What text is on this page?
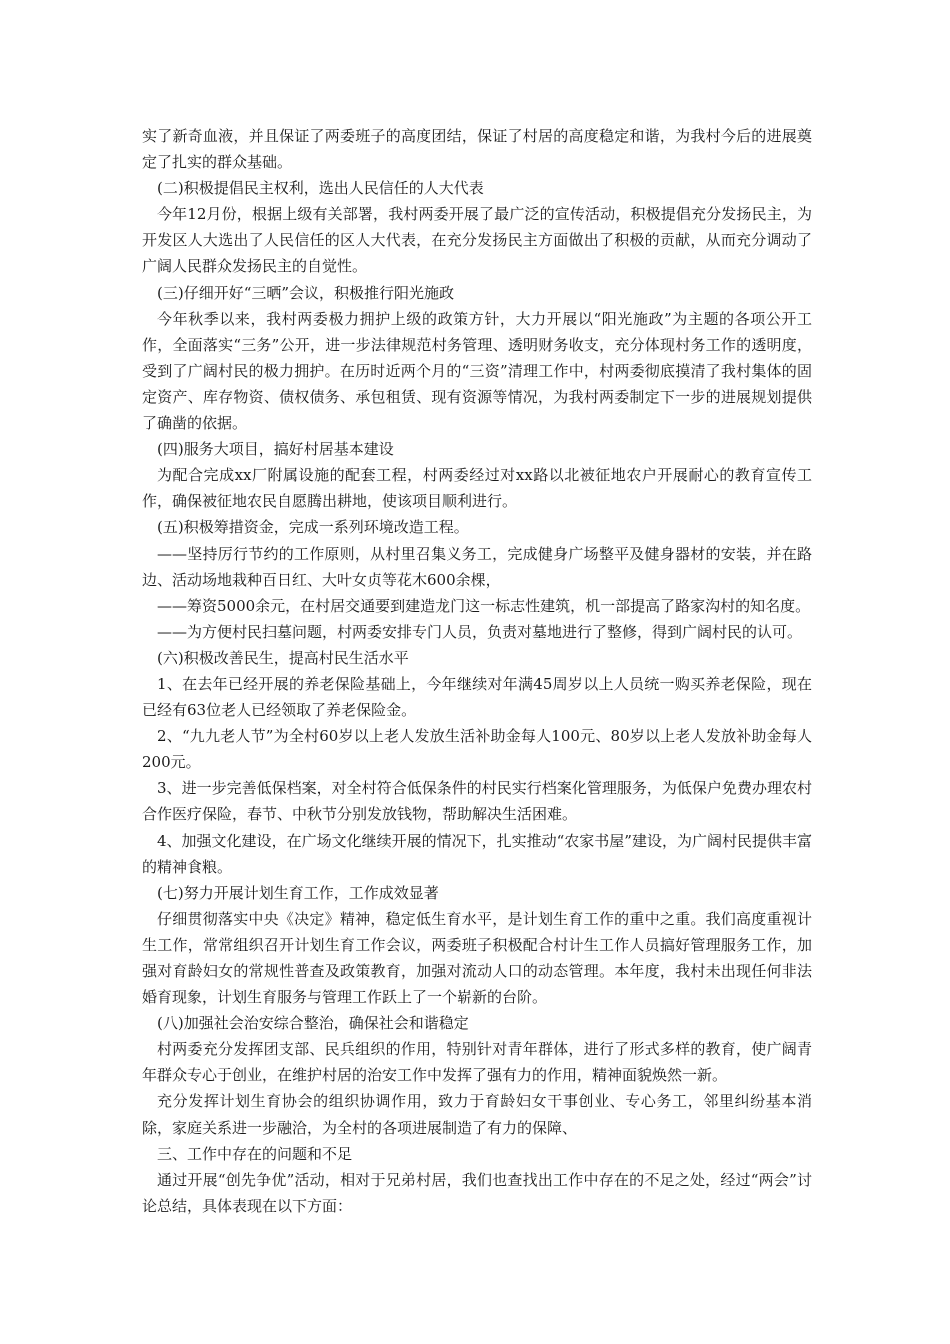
实了新奇血液，并且保证了两委班子的高度团结，保证了村居的高度稳定和谐，为我村今后的进展奠定了扎实的群众基础。

(二)积极提倡民主权利，选出人民信任的人大代表

今年12月份，根据上级有关部署，我村两委开展了最广泛的宣传活动，积极提倡充分发扬民主，为开发区人大选出了人民信任的区人大代表，在充分发扬民主方面做出了积极的贡献，从而充分调动了广阔人民群众发扬民主的自觉性。

(三)仔细开好“三晒”会议，积极推行阳光施政

今年秋季以来，我村两委极力拥护上级的政策方针，大力开展以“阳光施政”为主题的各项公开工作，全面落实“三务”公开，进一步法律规范村务管理、透明财务收支，充分体现村务工作的透明度，受到了广阔村民的极力拥护。在历时近两个月的“三资”清理工作中，村两委彻底摸清了我村集体的固定资产、库存物资、债权债务、承包租赁、现有资源等情况，为我村两委制定下一步的进展规划提供了确凿的依据。

(四)服务大项目，搞好村居基本建设

为配合完成xx厂附属设施的配套工程，村两委经过对xx路以北被征地农户开展耐心的教育宣传工作，确保被征地农民自愿腾出耕地，使该项目顺利进行。

(五)积极筹措资金，完成一系列环境改造工程。

——坚持厉行节约的工作原则，从村里召集义务工，完成健身广场整平及健身器材的安装，并在路边、活动场地栽种百日红、大叶女贞等花木600余棵，

——筹资5000余元，在村居交通要到建造龙门这一标志性建筑，机一部提高了路家沟村的知名度。

——为方便村民扫墓问题，村两委安排专门人员，负责对墓地进行了整修，得到广阔村民的认可。

(六)积极改善民生，提高村民生活水平

1、在去年已经开展的养老保险基础上，今年继续对年满45周岁以上人员统一购买养老保险，现在已经有63位老人已经领取了养老保险金。

2、“九九老人节”为全村60岁以上老人发放生活补助金每人100元、80岁以上老人发放补助金每人200元。

3、进一步完善低保档案，对全村符合低保条件的村民实行档案化管理服务，为低保户免费办理农村合作医疗保险，春节、中秋节分别发放钱物，帮助解决生活困难。

4、加强文化建设，在广场文化继续开展的情况下，扎实推动“农家书屋”建设，为广阔村民提供丰富的精神食粮。

(七)努力开展计划生育工作，工作成效显著

仔细贯彻落实中央《决定》精神，稳定低生育水平，是计划生育工作的重中之重。我们高度重视计生工作，常常组织召开计划生育工作会议，两委班子积极配合村计生工作人员搞好管理服务工作，加强对育龄妇女的常规性普查及政策教育，加强对流动人口的动态管理。本年度，我村未出现任何非法婚育现象，计划生育服务与管理工作跃上了一个崭新的台阶。

(八)加强社会治安综合整治，确保社会和谐稳定

村两委充分发挥团支部、民兵组织的作用，特别针对青年群体，进行了形式多样的教育，使广阔青年群众专心于创业，在维护村居的治安工作中发挥了强有力的作用，精神面貌焕然一新。

充分发挥计划生育协会的组织协调作用，致力于育龄妇女干事创业、专心务工，邻里纠纷基本消除，家庭关系进一步融洽，为全村的各项进展制造了有力的保障、

三、工作中存在的问题和不足

通过开展“创先争优”活动，相对于兄弟村居，我们也查找出工作中存在的不足之处，经过“两会”讨论总结，具体表现在以下方面：
